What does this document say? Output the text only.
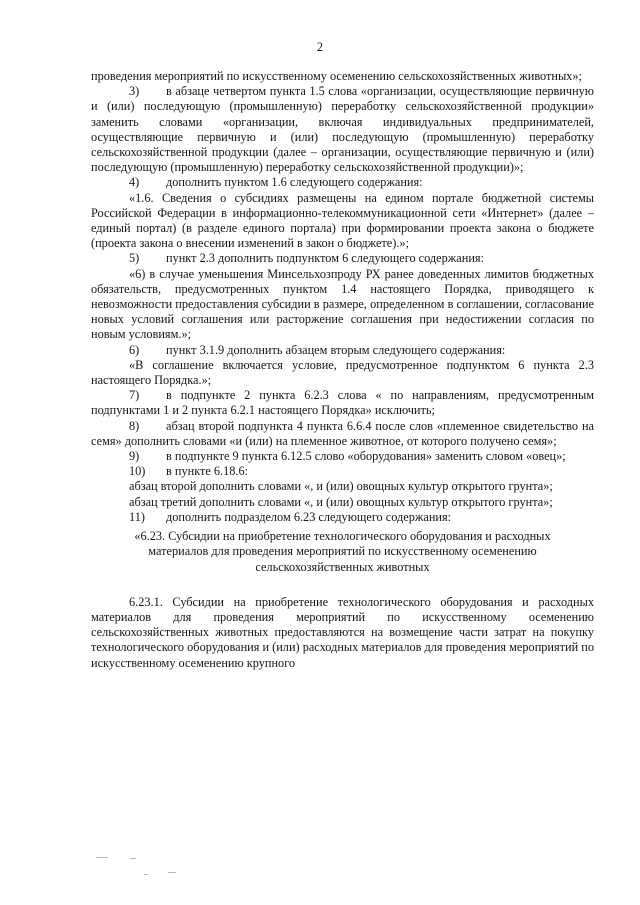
2

проведения мероприятий по искусственному осеменению сельскохозяйственных животных»;

3) в абзаце четвертом пункта 1.5 слова «организации, осуществляющие первичную и (или) последующую (промышленную) переработку сельскохозяйственной продукции» заменить словами «организации, включая индивидуальных предпринимателей, осуществляющие первичную и (или) последующую (промышленную) переработку сельскохозяйственной продукции (далее – организации, осуществляющие первичную и (или) последующую (промышленную) переработку сельскохозяйственной продукции)»;

4) дополнить пунктом 1.6 следующего содержания:

«1.6. Сведения о субсидиях размещены на едином портале бюджетной системы Российской Федерации в информационно-телекоммуникационной сети «Интернет» (далее – единый портал) (в разделе единого портала) при формировании проекта закона о бюджете (проекта закона о внесении изменений в закон о бюджете).»;

5) пункт 2.3 дополнить подпунктом 6 следующего содержания:

«6) в случае уменьшения Минсельхозпроду РХ ранее доведенных лимитов бюджетных обязательств, предусмотренных пунктом 1.4 настоящего Порядка, приводящего к невозможности предоставления субсидии в размере, определенном в соглашении, согласование новых условий соглашения или расторжение соглашения при недостижении согласия по новым условиям.»;

6) пункт 3.1.9 дополнить абзацем вторым следующего содержания:

«В соглашение включается условие, предусмотренное подпунктом 6 пункта 2.3 настоящего Порядка.»;

7) в подпункте 2 пункта 6.2.3 слова « по направлениям, предусмотренным подпунктами 1 и 2 пункта 6.2.1 настоящего Порядка» исключить;

8) абзац второй подпункта 4 пункта 6.6.4 после слов «племенное свидетельство на семя» дополнить словами «и (или) на племенное животное, от которого получено семя»;

9) в подпункте 9 пункта 6.12.5 слово «оборудования» заменить словом «овец»;

10) в пункте 6.18.6:

абзац второй дополнить словами «, и (или) овощных культур открытого грунта»;

абзац третий дополнить словами «, и (или) овощных культур открытого грунта»;

11) дополнить подразделом 6.23 следующего содержания:

«6.23. Субсидии на приобретение технологического оборудования и расходных
материалов для проведения мероприятий по искусственному осеменению
сельскохозяйственных животных

6.23.1. Субсидии на приобретение технологического оборудования и расходных материалов для проведения мероприятий по искусственному осеменению сельскохозяйственных животных предоставляются на возмещение части затрат на покупку технологического оборудования и (или) расходных материалов для проведения мероприятий по искусственному осеменению крупного
